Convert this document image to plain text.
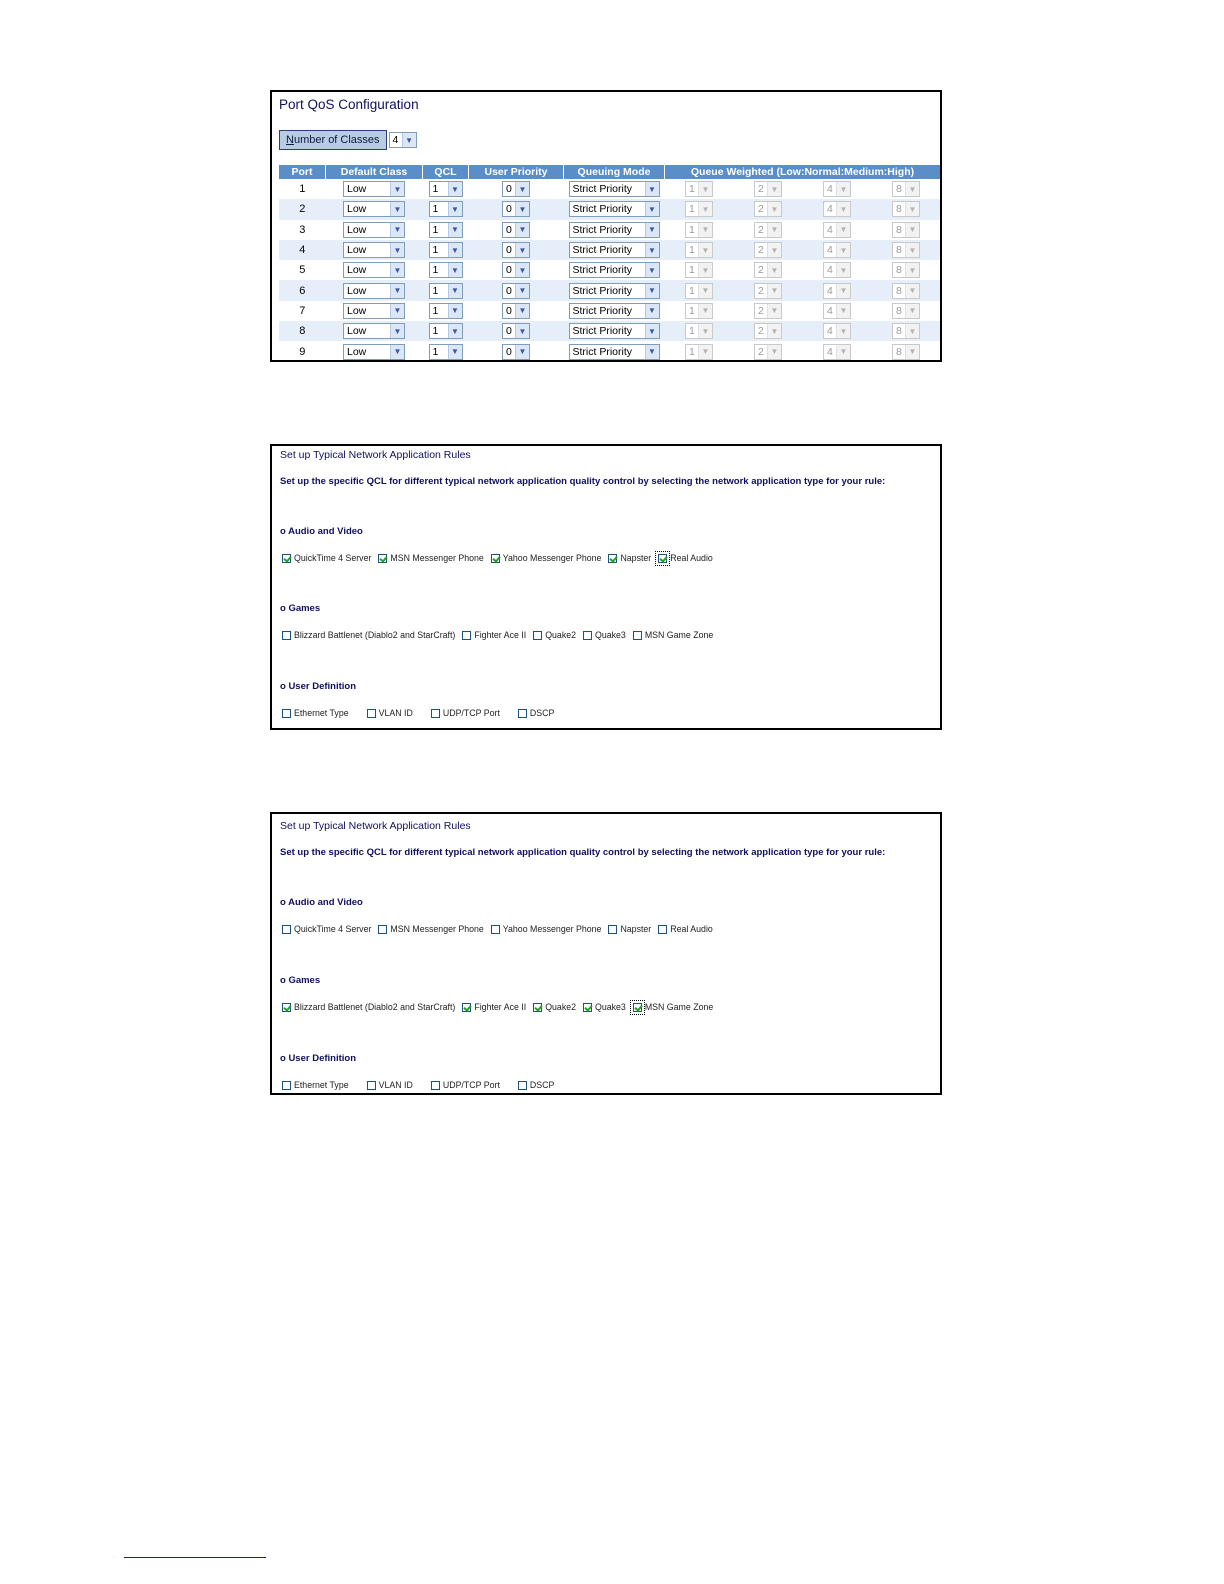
Port QoS Configuration
Number of Classes	4 ▼
Port	Default Class	QCL	User Priority	Queuing Mode	Queue Weighted (Low:Normal:Medium:High)			
1	Low ▼	1 ▼	0 ▼	Strict Priority ▼	1 ▼	2 ▼	4 ▼	8 ▼

2	Low ▼	1 ▼	0 ▼	Strict Priority ▼	1 ▼	2 ▼	4 ▼	8 ▼

3	Low ▼	1 ▼	0 ▼	Strict Priority ▼	1 ▼	2 ▼	4 ▼	8 ▼

4	Low ▼	1 ▼	0 ▼	Strict Priority ▼	1 ▼	2 ▼	4 ▼	8 ▼

5	Low ▼	1 ▼	0 ▼	Strict Priority ▼	1 ▼	2 ▼	4 ▼	8 ▼

6	Low ▼	1 ▼	0 ▼	Strict Priority ▼	1 ▼	2 ▼	4 ▼	8 ▼

7	Low ▼	1 ▼	0 ▼	Strict Priority ▼	1 ▼	2 ▼	4 ▼	8 ▼

8	Low ▼	1 ▼	0 ▼	Strict Priority ▼	1 ▼	2 ▼	4 ▼	8 ▼

9	Low ▼	1 ▼	0 ▼	Strict Priority ▼	1 ▼	2 ▼	4 ▼	8 ▼
Set up Typical Network Application Rules
Set up the specific QCL for different typical network application quality control by selecting the network application type for your rule:
o Audio and Video
QuickTime 4 Server MSN Messenger Phone Yahoo Messenger Phone Napster Real Audio
o Games
Blizzard Battlenet (Diablo2 and StarCraft) Fighter Ace II Quake2 Quake3 MSN Game Zone
o User Definition
Ethernet Type	VLAN ID	UDP/TCP Port	DSCP
Set up Typical Network Application Rules
Set up the specific QCL for different typical network application quality control by selecting the network application type for your rule:
o Audio and Video
QuickTime 4 Server MSN Messenger Phone Yahoo Messenger Phone Napster Real Audio
o Games
Blizzard Battlenet (Diablo2 and StarCraft) Fighter Ace II Quake2 Quake3 MSN Game Zone
o User Definition
Ethernet Type	VLAN ID	UDP/TCP Port	DSCP
